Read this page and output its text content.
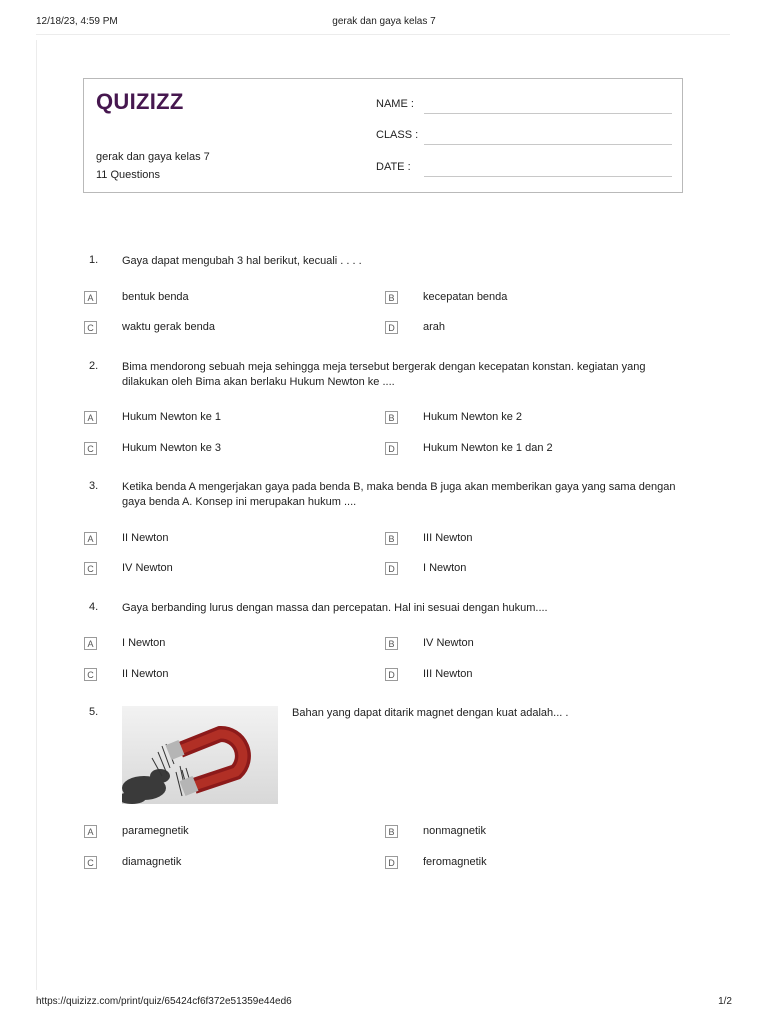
12/18/23, 4:59 PM	gerak dan gaya kelas 7
QUIZIZZ
gerak dan gaya kelas 7
11 Questions
NAME :
CLASS :
DATE :
1. Gaya dapat mengubah 3 hal berikut, kecuali . . . .
A	bentuk benda	B	kecepatan benda
C	waktu gerak benda	D	arah
2. Bima mendorong sebuah meja sehingga meja tersebut bergerak dengan kecepatan konstan. kegiatan yang dilakukan oleh Bima akan berlaku Hukum Newton ke ....
A	Hukum Newton ke 1	B	Hukum Newton ke 2
C	Hukum Newton ke 3	D	Hukum Newton ke 1 dan 2
3. Ketika benda A mengerjakan gaya pada benda B, maka benda B juga akan memberikan gaya yang sama dengan gaya benda A. Konsep ini merupakan hukum ....
A	II Newton	B	III Newton
C	IV Newton	D	I Newton
4. Gaya berbanding lurus dengan massa dan percepatan. Hal ini sesuai dengan hukum....
A	I Newton	B	IV Newton
C	II Newton	D	III Newton
5.	Bahan yang dapat ditarik magnet dengan kuat adalah... .
A	paramegnetik	B	nonmagnetik
C	diamagnetik	D	feromagnetik
https://quizizz.com/print/quiz/65424cf6f372e51359e44ed6	1/2
